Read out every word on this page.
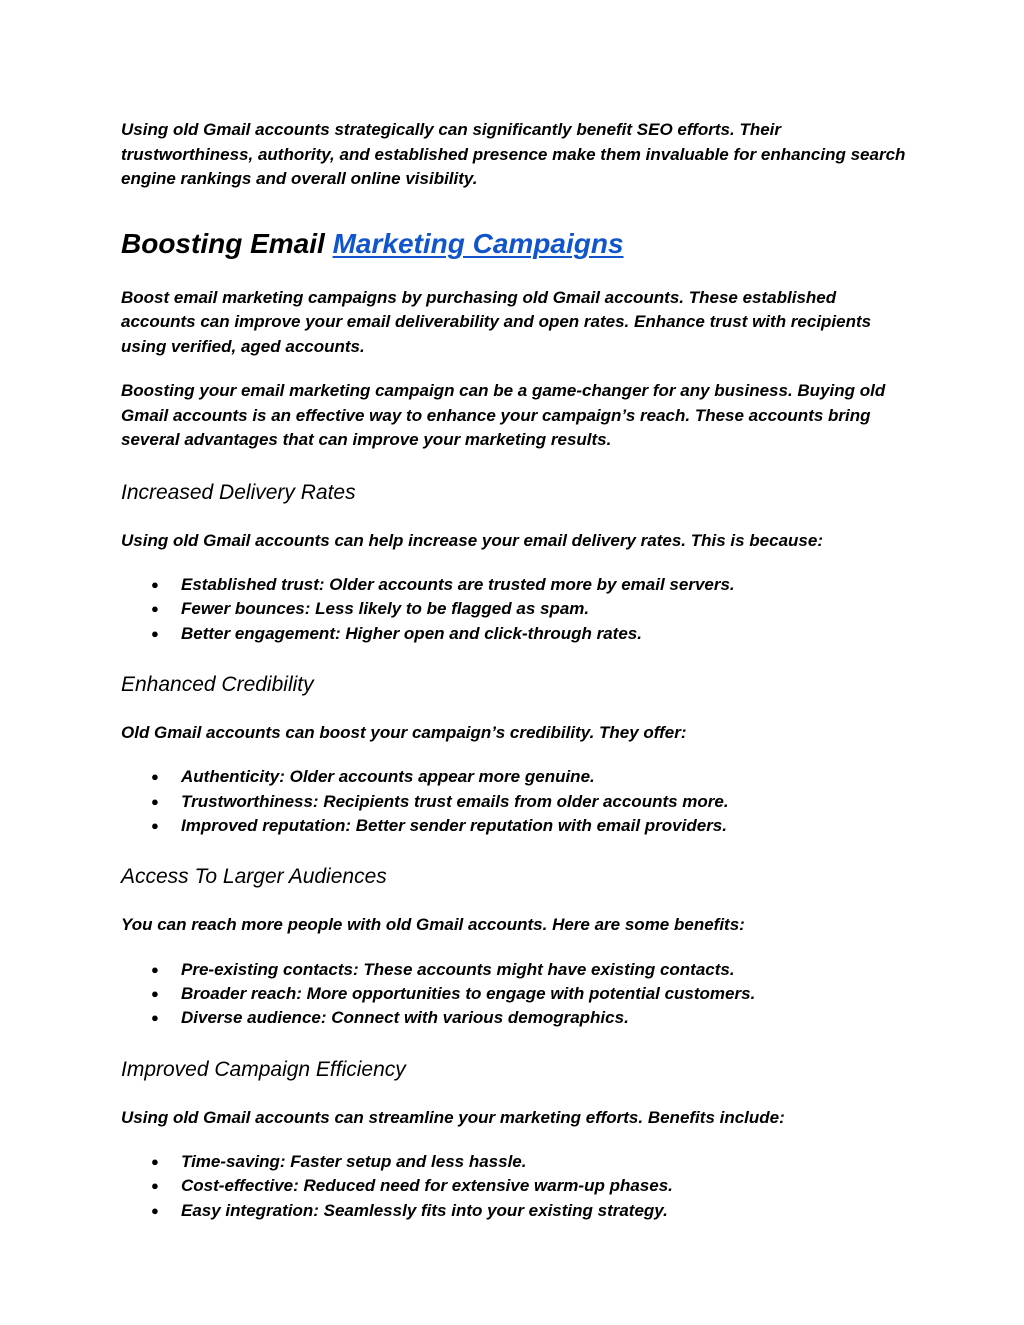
Using old Gmail accounts strategically can significantly benefit SEO efforts. Their trustworthiness, authority, and established presence make them invaluable for enhancing search engine rankings and overall online visibility.

Boosting Email Marketing Campaigns

Boost email marketing campaigns by purchasing old Gmail accounts. These established accounts can improve your email deliverability and open rates. Enhance trust with recipients using verified, aged accounts.

Boosting your email marketing campaign can be a game-changer for any business. Buying old Gmail accounts is an effective way to enhance your campaign’s reach. These accounts bring several advantages that can improve your marketing results.

Increased Delivery Rates

Using old Gmail accounts can help increase your email delivery rates. This is because:

● Established trust: Older accounts are trusted more by email servers.
● Fewer bounces: Less likely to be flagged as spam.
● Better engagement: Higher open and click-through rates.
Enhanced Credibility

Old Gmail accounts can boost your campaign’s credibility. They offer:

● Authenticity: Older accounts appear more genuine.
● Trustworthiness: Recipients trust emails from older accounts more.
● Improved reputation: Better sender reputation with email providers.
Access To Larger Audiences

You can reach more people with old Gmail accounts. Here are some benefits:

● Pre-existing contacts: These accounts might have existing contacts.
● Broader reach: More opportunities to engage with potential customers.
● Diverse audience: Connect with various demographics.
Improved Campaign Efficiency

Using old Gmail accounts can streamline your marketing efforts. Benefits include:

● Time-saving: Faster setup and less hassle.
● Cost-effective: Reduced need for extensive warm-up phases.
● Easy integration: Seamlessly fits into your existing strategy.
